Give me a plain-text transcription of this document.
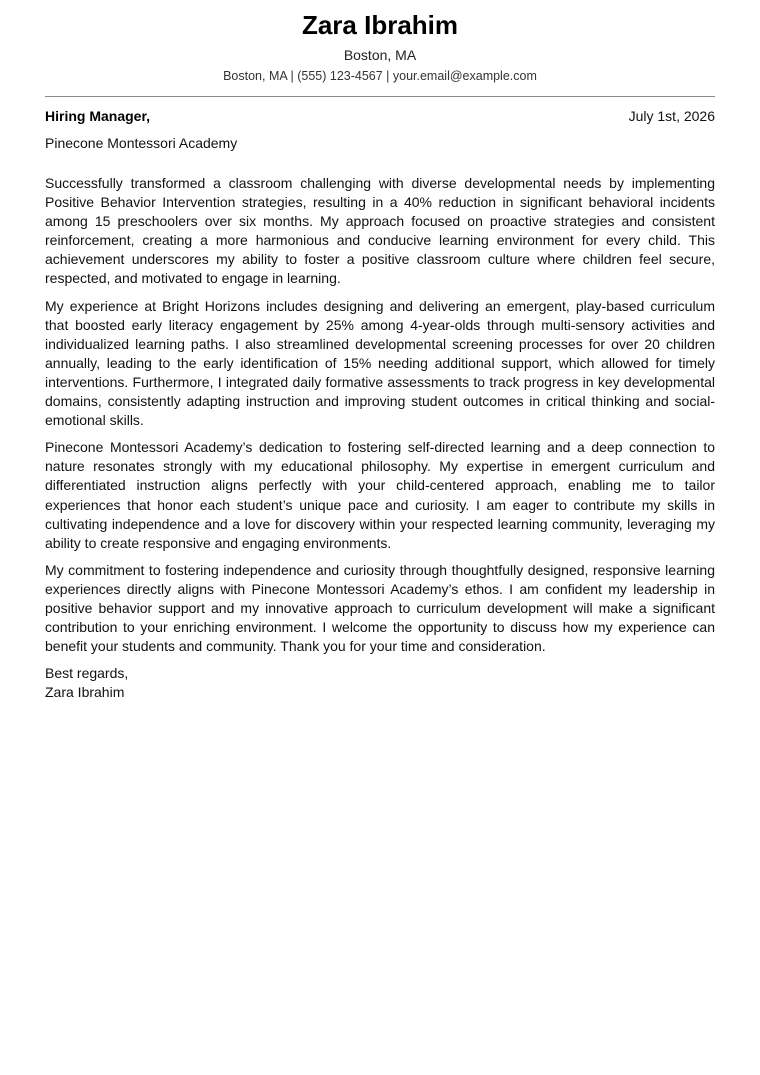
Zara Ibrahim
Boston, MA
Boston, MA | (555) 123-4567 | your.email@example.com
Hiring Manager,	July 1st, 2026
Pinecone Montessori Academy

Successfully transformed a classroom challenging with diverse developmental needs by implementing Positive Behavior Intervention strategies, resulting in a 40% reduction in significant behavioral incidents among 15 preschoolers over six months. My approach focused on proactive strategies and consistent reinforcement, creating a more harmonious and conducive learning environment for every child. This achievement underscores my ability to foster a positive classroom culture where children feel secure, respected, and motivated to engage in learning.

My experience at Bright Horizons includes designing and delivering an emergent, play-based curriculum that boosted early literacy engagement by 25% among 4-year-olds through multi-sensory activities and individualized learning paths. I also streamlined developmental screening processes for over 20 children annually, leading to the early identification of 15% needing additional support, which allowed for timely interventions. Furthermore, I integrated daily formative assessments to track progress in key developmental domains, consistently adapting instruction and improving student outcomes in critical thinking and social-emotional skills.

Pinecone Montessori Academy’s dedication to fostering self-directed learning and a deep connection to nature resonates strongly with my educational philosophy. My expertise in emergent curriculum and differentiated instruction aligns perfectly with your child-centered approach, enabling me to tailor experiences that honor each student’s unique pace and curiosity. I am eager to contribute my skills in cultivating independence and a love for discovery within your respected learning community, leveraging my ability to create responsive and engaging environments.

My commitment to fostering independence and curiosity through thoughtfully designed, responsive learning experiences directly aligns with Pinecone Montessori Academy’s ethos. I am confident my leadership in positive behavior support and my innovative approach to curriculum development will make a significant contribution to your enriching environment. I welcome the opportunity to discuss how my experience can benefit your students and community. Thank you for your time and consideration.

Best regards,
Zara Ibrahim
